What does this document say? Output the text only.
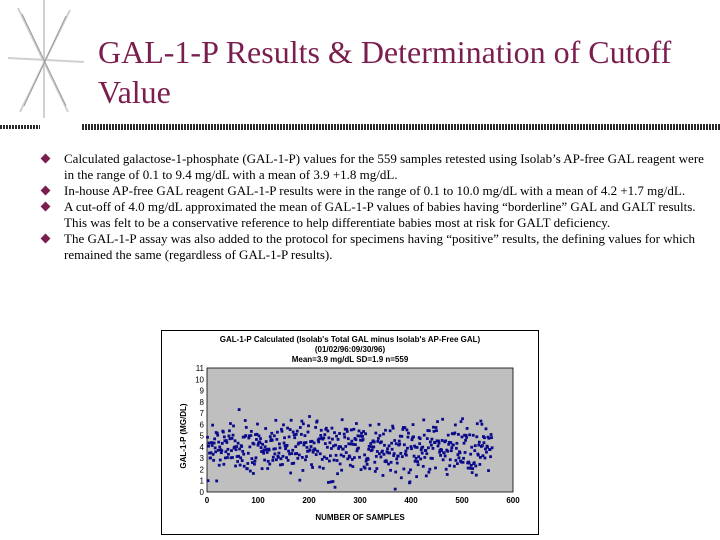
GAL-1-P Results & Determination of Cutoff Value
Calculated galactose-1-phosphate (GAL-1-P) values for the 559 samples retested using Isolab’s AP-free GAL reagent were in the range of 0.1 to 9.4 mg/dL with a mean of 3.9 +1.8 mg/dL.
In-house AP-free GAL reagent GAL-1-P results were in the range of 0.1 to 10.0 mg/dL with a mean of 4.2 +1.7 mg/dL.
A cut-off of 4.0 mg/dL approximated the mean of GAL-1-P values of babies having “borderline” GAL and GALT results. This was felt to be a conservative reference to help differentiate babies most at risk for GALT deficiency.
The GAL-1-P assay was also added to the protocol for specimens having “positive” results, the defining values for which remained the same (regardless of GAL-1-P results).
GAL-1-P Calculated (Isolab's Total GAL minus Isolab's AP-Free GAL)
(01/02/96:09/30/96)
Mean=3.9 mg/dL SD=1.9 n=559
0
1
2
3
4
5
6
7
8
9
10
11
0	100	200	300	400	500	600
NUMBER OF SAMPLES
GAL-1-P (MG/DL)
